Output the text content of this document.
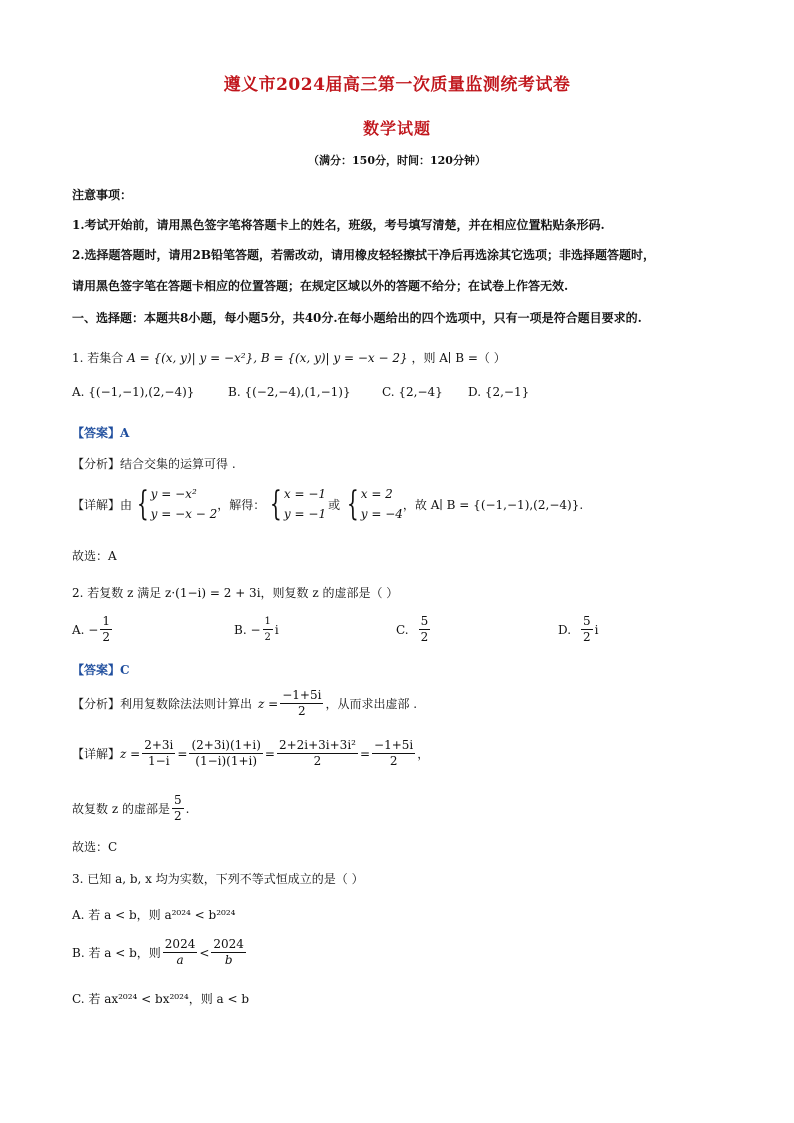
遵义市2024届高三第一次质量监测统考试卷
数学试题
（满分：150分，时间：120分钟）
注意事项：
1.考试开始前，请用黑色签字笔将答题卡上的姓名，班级，考号填写清楚，并在相应位置粘贴条形码.
2.选择题答题时，请用2B铅笔答题，若需改动，请用橡皮轻轻擦拭干净后再选涂其它选项；非选择题答题时，
请用黑色签字笔在答题卡相应的位置答题；在规定区域以外的答题不给分；在试卷上作答无效.
一、选择题：本题共8小题，每小题5分，共40分.在每小题给出的四个选项中，只有一项是符合题目要求的.
1. 若集合 A = {(x, y)| y = −x²}, B = {(x, y)| y = −x − 2} ，则 A∣ B =（ ）
A. {(−1,−1),(2,−4)}	B. {(−2,−4),(1,−1)}	C. {2,−4} D. {2,−1}
【答案】A
【分析】结合交集的运算可得 .
【详解】由 { y = −x²
y = −x − 2
，解得： { x = −1
y = −1
或 { x = 2
y = −4
，故 A∣ B = {(−1,−1),(2,−4)}.
故选：A
2. 若复数 z 满足 z·(1−i) = 2 + 3i，则复数 z 的虚部是（ ）
A. − $\frac{1}{2}$	B. − $\frac{1}{2}$ i	C. $\frac{5}{2}$	D. $\frac{5}{2}$ i
【答案】C
【分析】利用复数除法法则计算出 $z = \frac{-1+5i}{2}$ ，从而求出虚部 .
【详解】 $z = \frac{2+3i}{1-i} = \frac{(2+3i)(1+i)}{(1-i)(1+i)} = \frac{\text{2+2i+3i+3i²}}{2} = \frac{-1+5i}{2}$ ，
故复数 z 的虚部是 $\frac{5}{2}$ .
故选：C
3. 已知 a, b, x 均为实数，下列不等式恒成立的是（ ）
A. 若 a < b，则 a²⁰²⁴ < b²⁰²⁴
B. 若 a < b，则 $\frac{2024}{a} < \frac{2024}{b}$
C. 若 ax²⁰²⁴ < bx²⁰²⁴，则 a < b
